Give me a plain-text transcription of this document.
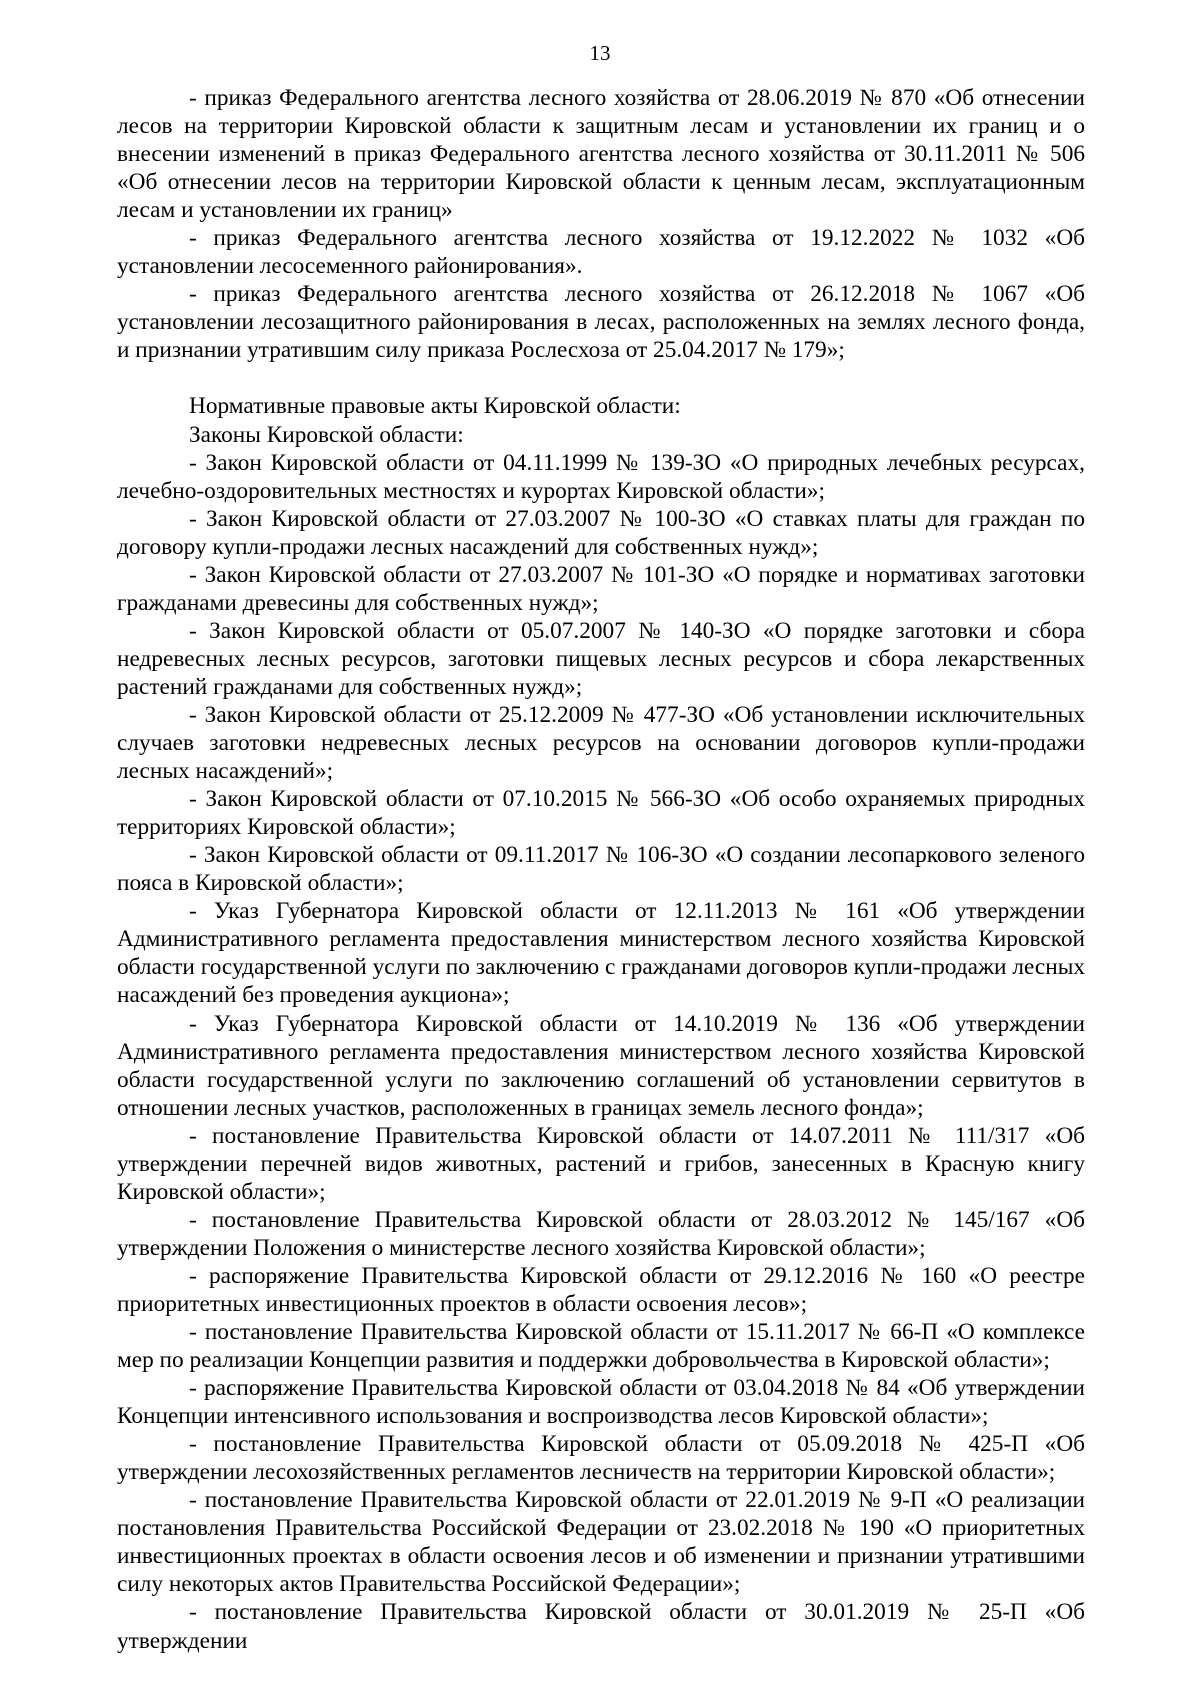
13

- приказ Федерального агентства лесного хозяйства от 28.06.2019 № 870 «Об отнесении лесов на территории Кировской области к защитным лесам и установлении их границ и о внесении изменений в приказ Федерального агентства лесного хозяйства от 30.11.2011 № 506 «Об отнесении лесов на территории Кировской области к ценным лесам, эксплуатационным лесам и установлении их границ»

- приказ Федерального агентства лесного хозяйства от 19.12.2022 № 1032 «Об установлении лесосеменного районирования».

- приказ Федерального агентства лесного хозяйства от 26.12.2018 № 1067 «Об установлении лесозащитного районирования в лесах, расположенных на землях лесного фонда, и признании утратившим силу приказа Рослесхоза от 25.04.2017 № 179»;

Нормативные правовые акты Кировской области:

Законы Кировской области:

- Закон Кировской области от 04.11.1999 № 139-ЗО «О природных лечебных ресурсах, лечебно-оздоровительных местностях и курортах Кировской области»;

- Закон Кировской области от 27.03.2007 № 100-ЗО «О ставках платы для граждан по договору купли-продажи лесных насаждений для собственных нужд»;

- Закон Кировской области от 27.03.2007 № 101-ЗО «О порядке и нормативах заготовки гражданами древесины для собственных нужд»;

- Закон Кировской области от 05.07.2007 № 140-ЗО «О порядке заготовки и сбора недревесных лесных ресурсов, заготовки пищевых лесных ресурсов и сбора лекарственных растений гражданами для собственных нужд»;

- Закон Кировской области от 25.12.2009 № 477-ЗО «Об установлении исключительных случаев заготовки недревесных лесных ресурсов на основании договоров купли-продажи лесных насаждений»;

- Закон Кировской области от 07.10.2015 № 566-ЗО «Об особо охраняемых природных территориях Кировской области»;

- Закон Кировской области от 09.11.2017 № 106-ЗО «О создании лесопаркового зеленого пояса в Кировской области»;

- Указ Губернатора Кировской области от 12.11.2013 № 161 «Об утверждении Административного регламента предоставления министерством лесного хозяйства Кировской области государственной услуги по заключению с гражданами договоров купли-продажи лесных насаждений без проведения аукциона»;

- Указ Губернатора Кировской области от 14.10.2019 № 136 «Об утверждении Административного регламента предоставления министерством лесного хозяйства Кировской области государственной услуги по заключению соглашений об установлении сервитутов в отношении лесных участков, расположенных в границах земель лесного фонда»;

- постановление Правительства Кировской области от 14.07.2011 № 111/317 «Об утверждении перечней видов животных, растений и грибов, занесенных в Красную книгу Кировской области»;

- постановление Правительства Кировской области от 28.03.2012 № 145/167 «Об утверждении Положения о министерстве лесного хозяйства Кировской области»;

- распоряжение Правительства Кировской области от 29.12.2016 № 160 «О реестре приоритетных инвестиционных проектов в области освоения лесов»;

- постановление Правительства Кировской области от 15.11.2017 № 66-П «О комплексе мер по реализации Концепции развития и поддержки добровольчества в Кировской области»;

- распоряжение Правительства Кировской области от 03.04.2018 № 84 «Об утверждении Концепции интенсивного использования и воспроизводства лесов Кировской области»;

- постановление Правительства Кировской области от 05.09.2018 № 425-П «Об утверждении лесохозяйственных регламентов лесничеств на территории Кировской области»;

- постановление Правительства Кировской области от 22.01.2019 № 9-П «О реализации постановления Правительства Российской Федерации от 23.02.2018 № 190 «О приоритетных инвестиционных проектах в области освоения лесов и об изменении и признании утратившими силу некоторых актов Правительства Российской Федерации»;

- постановление Правительства Кировской области от 30.01.2019 № 25-П «Об утверждении
